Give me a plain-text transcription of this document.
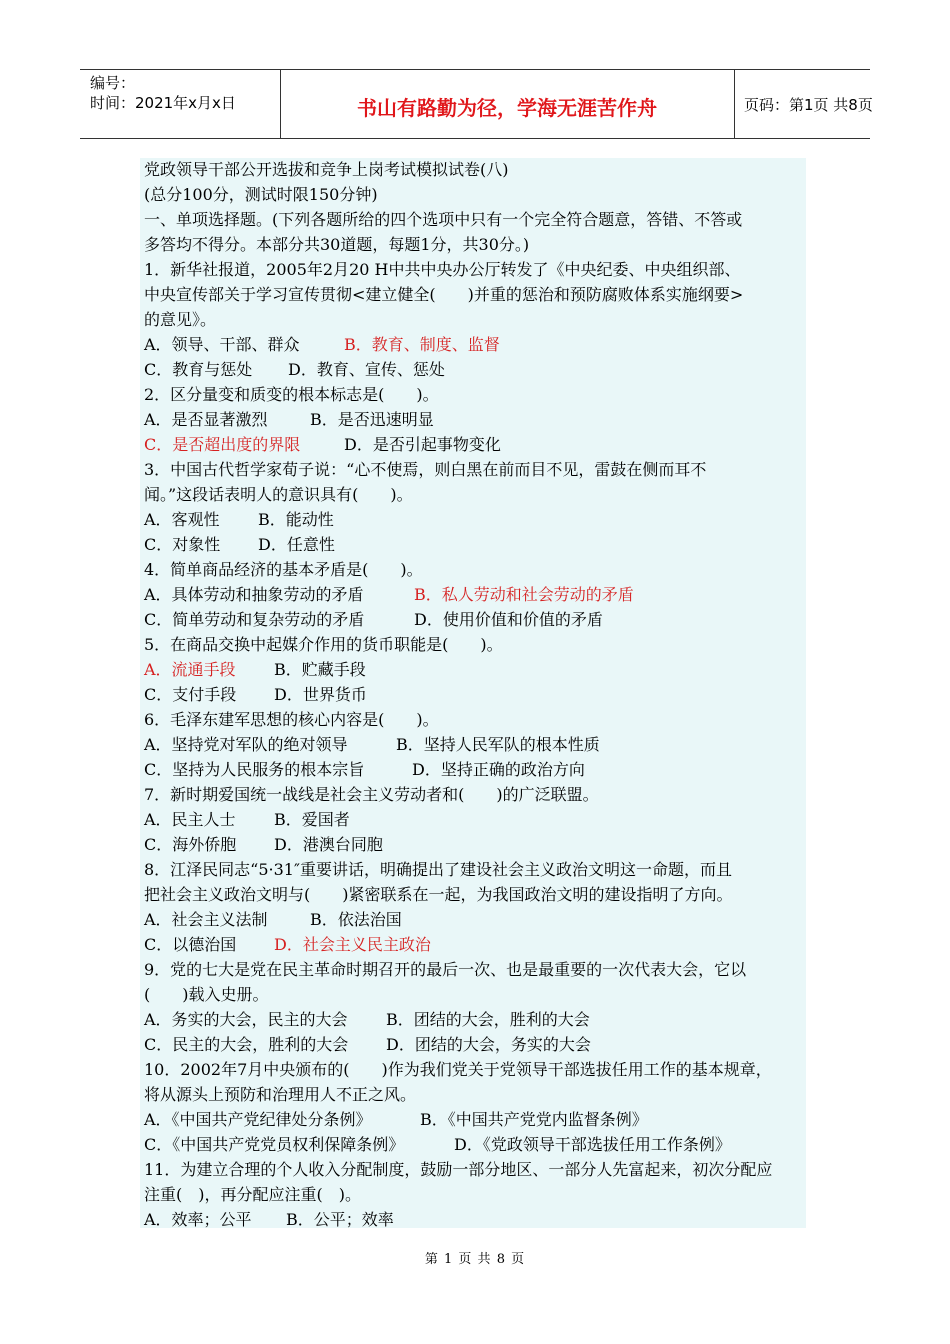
编号：
时间：2021年x月x日	书山有路勤为径，学海无涯苦作舟	页码：第1页 共8页
党政领导干部公开选拔和竞争上岗考试模拟试卷(八)
(总分100分，测试时限150分钟)
一、单项选择题。(下列各题所给的四个选项中只有一个完全符合题意，答错、不答或
多答均不得分。本部分共30道题，每题1分，共30分。)
1．新华社报道，2005年2月20 H中共中央办公厅转发了《中央纪委、中央组织部、
中央宣传部关于学习宣传贯彻<建立健全(　　)并重的惩治和预防腐败体系实施纲要>
的意见》。
A．领导、干部、群众	B．教育、制度、监督
C．教育与惩处 D．教育、宣传、惩处
2．区分量变和质变的根本标志是(　　)。
A．是否显著激烈	B．是否迅速明显
C．是否超出度的界限	D．是否引起事物变化
3．中国古代哲学家荀子说：“心不使焉，则白黑在前而目不见，雷鼓在侧而耳不
闻。”这段话表明人的意识具有(　　)。
A．客观性 B．能动性
C．对象性 D．任意性
4．简单商品经济的基本矛盾是(　　)。
A．具体劳动和抽象劳动的矛盾	B．私人劳动和社会劳动的矛盾
C．简单劳动和复杂劳动的矛盾	D．使用价值和价值的矛盾
5．在商品交换中起媒介作用的货币职能是(　　)。
A．流通手段 B．贮藏手段
C．支付手段 D．世界货币
6．毛泽东建军思想的核心内容是(　　)。
A．坚持党对军队的绝对领导	B．坚持人民军队的根本性质
C．坚持为人民服务的根本宗旨	D．坚持正确的政治方向
7．新时期爱国统一战线是社会主义劳动者和(　　)的广泛联盟。
A．民主人士 B．爱国者
C．海外侨胞 D．港澳台同胞
8．江泽民同志“5·31″重要讲话，明确提出了建设社会主义政治文明这一命题，而且
把社会主义政治文明与(　　)紧密联系在一起，为我国政治文明的建设指明了方向。
A．社会主义法制	B．依法治国
C．以德治国 D．社会主义民主政治
9．党的七大是党在民主革命时期召开的最后一次、也是最重要的一次代表大会，它以
(　　)载入史册。
A．务实的大会，民主的大会 B．团结的大会，胜利的大会
C．民主的大会，胜利的大会 D．团结的大会，务实的大会
10．2002年7月中央颁布的(　　)作为我们党关于党领导干部选拔任用工作的基本规章，
将从源头上预防和治理用人不正之风。
A．《中国共产党纪律处分条例》	B．《中国共产党党内监督条例》
C．《中国共产党党员权利保障条例》	D．《党政领导干部选拔任用工作条例》
11．为建立合理的个人收入分配制度，鼓励一部分地区、一部分人先富起来，初次分配应
注重(　)，再分配应注重(　)。
A．效率；公平 B．公平；效率
第 1 页 共 8 页
